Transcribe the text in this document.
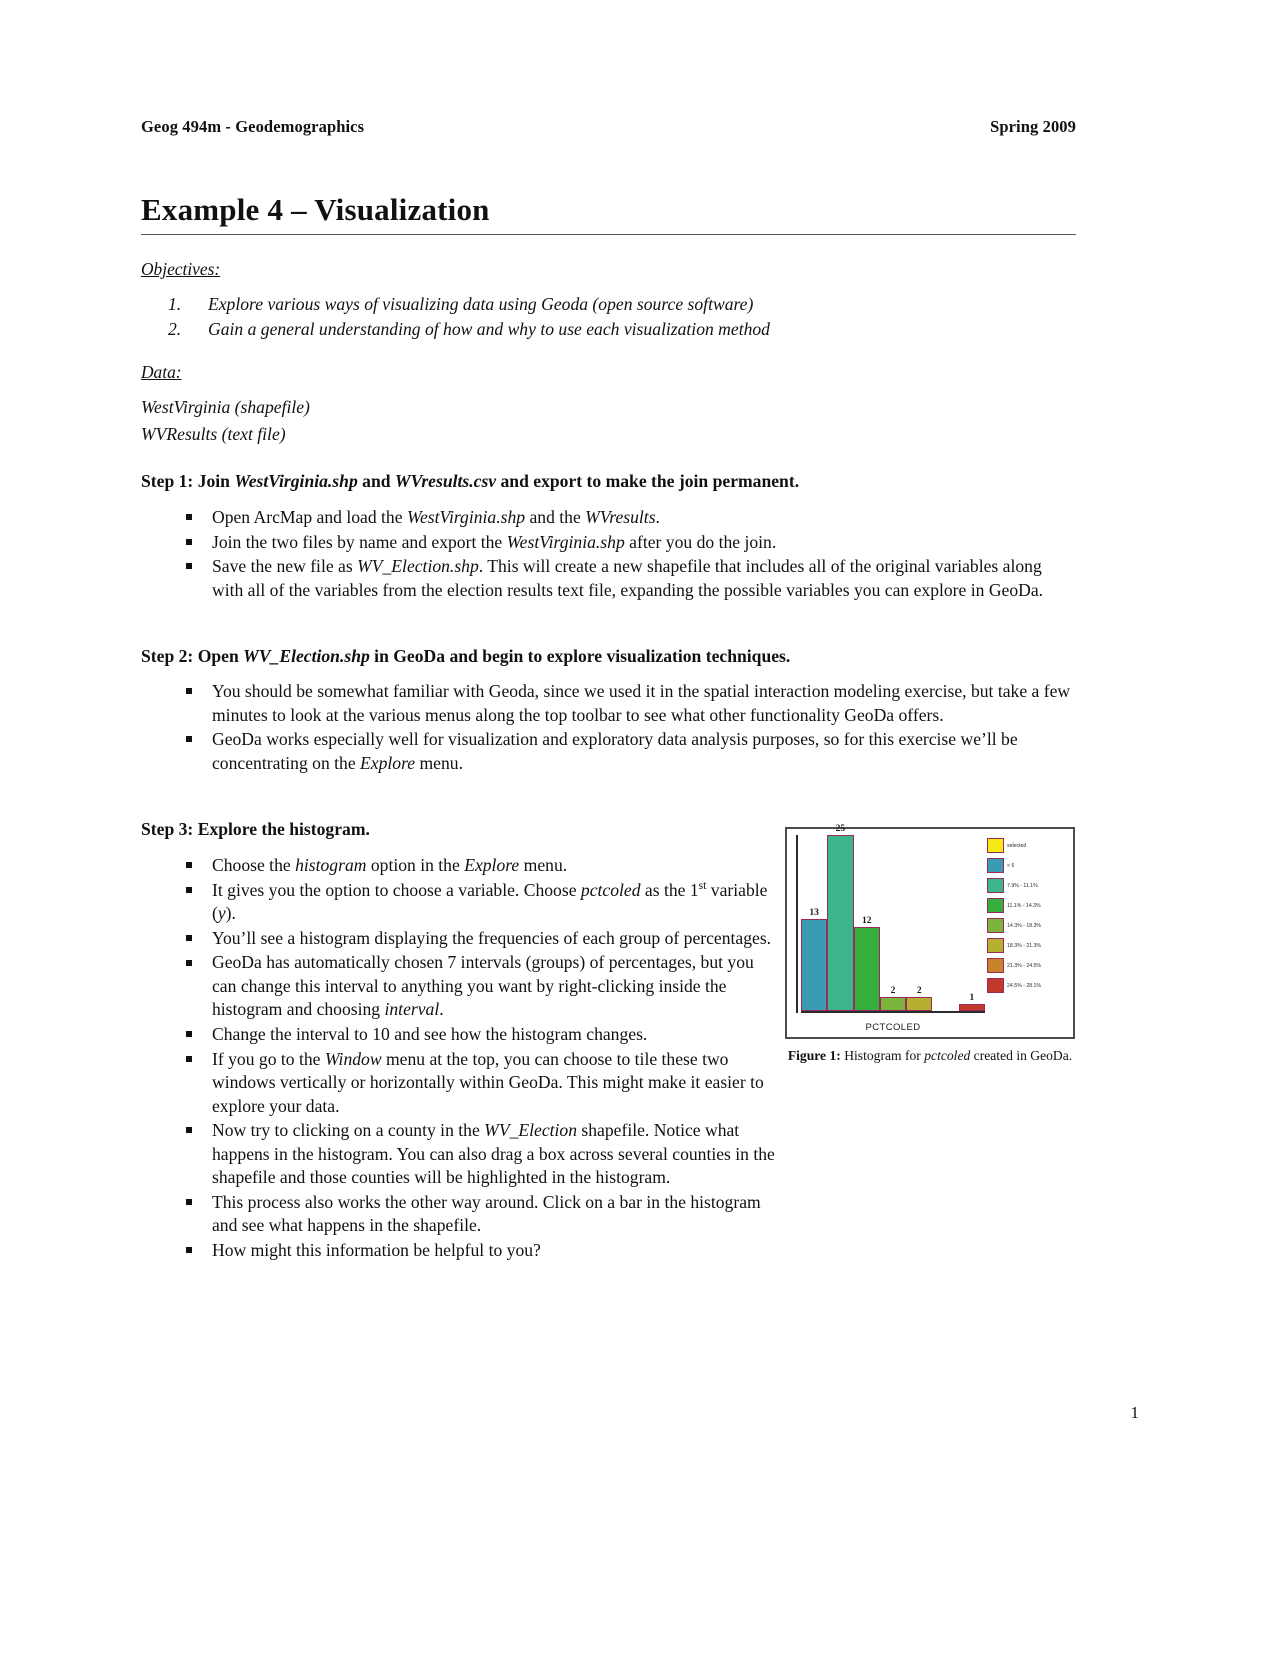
Geog 494m - Geodemographics	Spring 2009
Example 4 – Visualization
Objectives:
1.	Explore various ways of visualizing data using Geoda (open source software)
2.	Gain a general understanding of how and why to use each visualization method
Data:
WestVirginia (shapefile)
WVResults (text file)
Step 1: Join WestVirginia.shp and WVresults.csv and export to make the join permanent.
Open ArcMap and load the WestVirginia.shp and the WVresults.
Join the two files by name and export the WestVirginia.shp after you do the join.
Save the new file as WV_Election.shp. This will create a new shapefile that includes all of the original variables along with all of the variables from the election results text file, expanding the possible variables you can explore in GeoDa.
Step 2: Open WV_Election.shp in GeoDa and begin to explore visualization techniques.
You should be somewhat familiar with Geoda, since we used it in the spatial interaction modeling exercise, but take a few minutes to look at the various menus along the top toolbar to see what other functionality GeoDa offers.
GeoDa works especially well for visualization and exploratory data analysis purposes, so for this exercise we’ll be concentrating on the Explore menu.
Step 3: Explore the histogram.
Choose the histogram option in the Explore menu.
It gives you the option to choose a variable. Choose pctcoled as the 1st variable (y).
You’ll see a histogram displaying the frequencies of each group of percentages.
GeoDa has automatically chosen 7 intervals (groups) of percentages, but you can change this interval to anything you want by right-clicking inside the histogram and choosing interval.
Change the interval to 10 and see how the histogram changes.
If you go to the Window menu at the top, you can choose to tile these two windows vertically or horizontally within GeoDa. This might make it easier to explore your data.
Now try to clicking on a county in the WV_Election shapefile. Notice what happens in the histogram. You can also drag a box across several counties in the shapefile and those counties will be highlighted in the histogram.
This process also works the other way around. Click on a bar in the histogram and see what happens in the shapefile.
How might this information be helpful to you?
13
25
12
2	2
1
PCTCOLED
selected
< 6
7.9% - 11.1%
11.1% - 14.3%
14.3% - 18.3%
18.3% - 21.3%
21.3% - 24.5%
24.5% - 28.1%
Figure 1: Histogram for pctcoled created in GeoDa.
1
